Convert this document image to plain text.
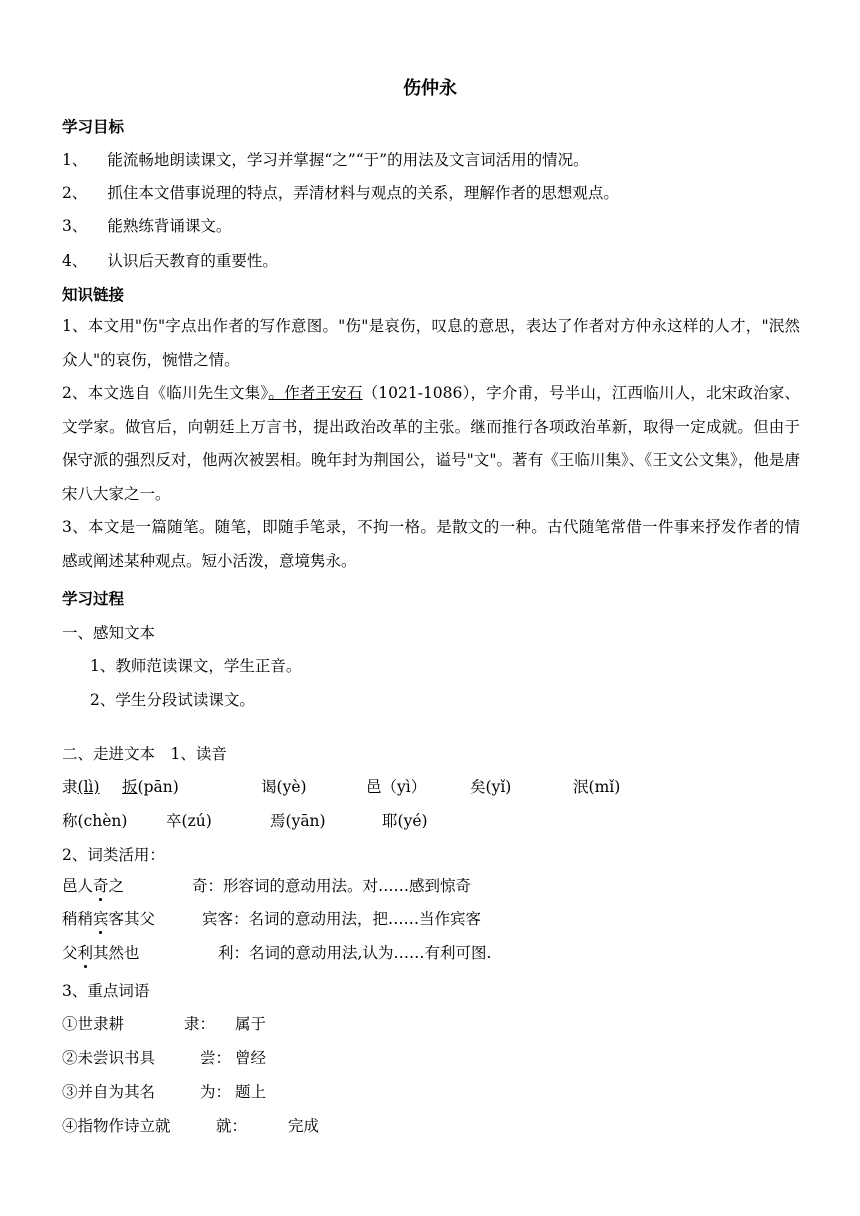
伤仲永
学习目标
1、 能流畅地朗读课文，学习并掌握“之”“于”的用法及文言词活用的情况。
2、 抓住本文借事说理的特点，弄清材料与观点的关系，理解作者的思想观点。
3、 能熟练背诵课文。
4、 认识后天教育的重要性。
知识链接
1、本文用"伤"字点出作者的写作意图。"伤"是哀伤，叹息的意思，表达了作者对方仲永这样的人才，"泯然众人"的哀伤，惋惜之情。
2、本文选自《临川先生文集》。作者王安石（1021-1086），字介甫，号半山，江西临川人，北宋政治家、文学家。做官后，向朝廷上万言书，提出政治改革的主张。继而推行各项政治革新，取得一定成就。但由于保守派的强烈反对，他两次被罢相。晚年封为荆国公，谥号"文"。著有《王临川集》、《王文公文集》，他是唐宋八大家之一。
3、本文是一篇随笔。随笔，即随手笔录，不拘一格。是散文的一种。古代随笔常借一件事来抒发作者的情感或阐述某种观点。短小活泼，意境隽永。
学习过程
一、感知文本
1、教师范读课文，学生正音。
2、学生分段试读课文。
二、走进文本　1、读音
隶(lì) 扳(pān)	谒(yè)	邑（yì）	矣(yǐ)	泯(mǐ)
称(chèn) 卒(zú)	焉(yān)	耶(yé)
2、词类活用：
邑人奇之	奇：形容词的意动用法。对……感到惊奇
稍稍宾客其父	宾客：名词的意动用法，把……当作宾客
父利其然也	利：名词的意动用法,认为……有利可图.
3、重点词语
①世隶耕	隶： 属于
②未尝识书具	尝： 曾经
③并自为其名	为： 题上
④指物作诗立就	就：	完成
